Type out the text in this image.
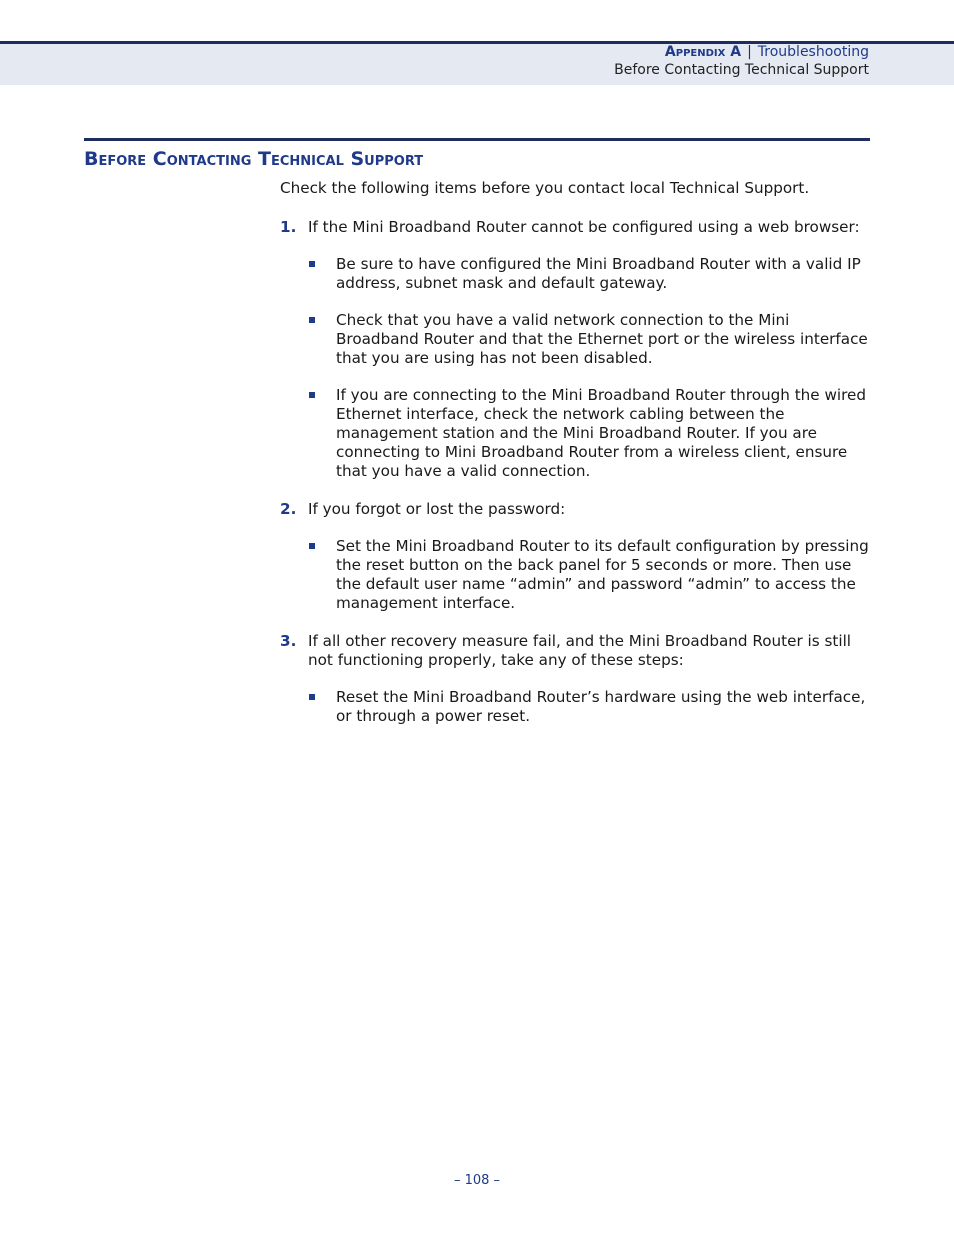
Appendix A | Troubleshooting
Before Contacting Technical Support
Before Contacting Technical Support

Check the following items before you contact local Technical Support.

1. If the Mini Broadband Router cannot be configured using a web browser:
Be sure to have configured the Mini Broadband Router with a valid IP address, subnet mask and default gateway.
Check that you have a valid network connection to the Mini Broadband Router and that the Ethernet port or the wireless interface that you are using has not been disabled.
If you are connecting to the Mini Broadband Router through the wired Ethernet interface, check the network cabling between the management station and the Mini Broadband Router. If you are connecting to Mini Broadband Router from a wireless client, ensure that you have a valid connection.
2. If you forgot or lost the password:
Set the Mini Broadband Router to its default configuration by pressing the reset button on the back panel for 5 seconds or more. Then use the default user name “admin” and password “admin” to access the management interface.
3. If all other recovery measure fail, and the Mini Broadband Router is still not functioning properly, take any of these steps:
Reset the Mini Broadband Router’s hardware using the web interface, or through a power reset.
– 108 –
